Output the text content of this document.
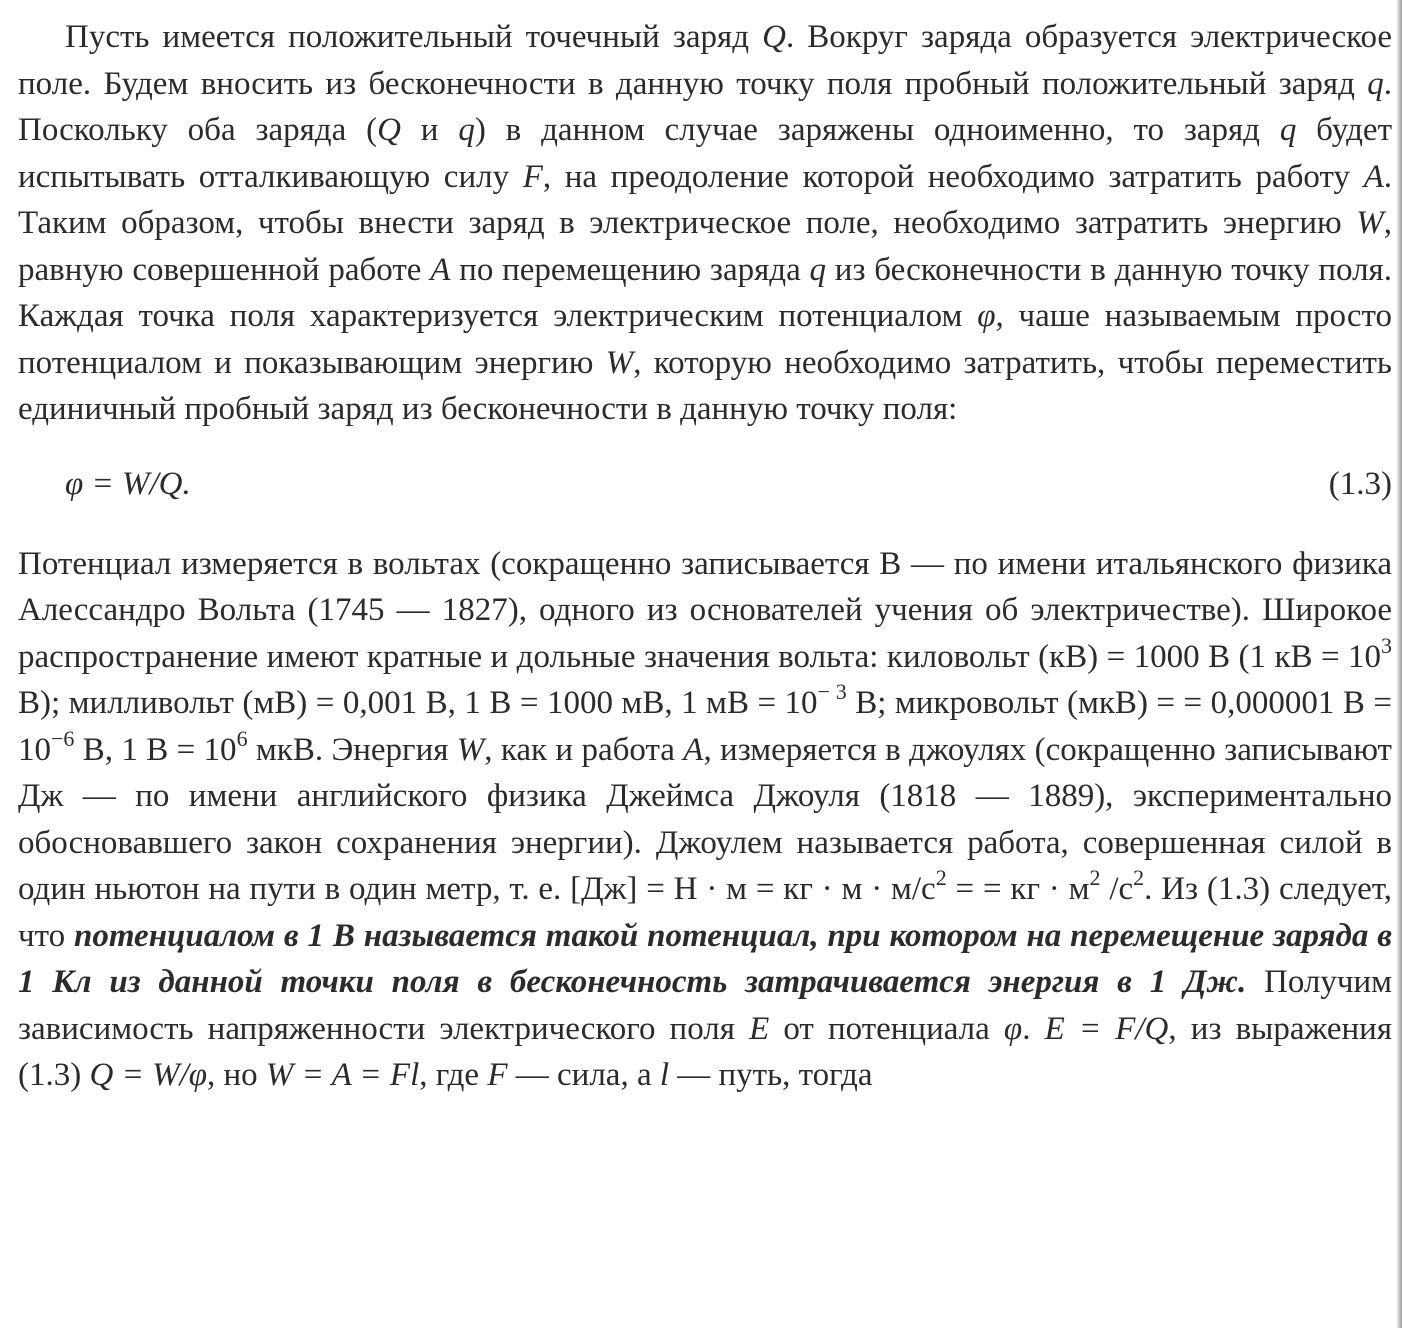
Пусть имеется положительный точечный заряд Q. Вокруг заряда образуется электрическое поле. Будем вносить из бесконечности в данную точку поля пробный положительный заряд q. Поскольку оба заряда (Q и q) в данном случае заряжены одноименно, то заряд q будет испытывать отталкивающую силу F, на преодоление которой необходимо затратить работу A. Таким образом, чтобы внести заряд в электрическое поле, необходимо затратить энергию W, равную совершенной работе A по перемещению заряда q из бесконечности в данную точку поля. Каждая точка поля характеризуется электрическим потенциалом φ, чаше называемым просто потенциалом и показывающим энергию W, которую необходимо затратить, чтобы переместить единичный пробный заряд из бесконечности в данную точку поля:

φ = W/Q.	(1.3)

Потенциал измеряется в вольтах (сокращенно записывается В — по имени итальянского физика Алессандро Вольта (1745 — 1827), одного из основателей учения об электричестве). Широкое распространение имеют кратные и дольные значения вольта: киловольт (кВ) = 1000 В (1 кВ = $10^3$ В); милливольт (мВ) = 0,001 В, 1 В = 1000 мВ, 1 мВ = $10^{- 3}$ В; микровольт (мкВ) = = 0,000001 $В = 10^{-6}$ В, 1 $В = 10^6$ мкВ. Энергия W, как и работа A, измеряется в джоулях (сокращенно записывают Дж — по имени английского физика Джеймса Джоуля (1818 — 1889), экспериментально обосновавшего закон сохранения энергии). Джоулем называется работа, совершенная силой в один ньютон на пути в один метр, т. е. [Дж] = Н · м = кг · $м \cdot м/с^2$ = = кг · $м^2$ $/с^2$. Из (1.3) следует, что потенциалом в 1 В называется такой потенциал, при котором на перемещение заряда в 1 Кл из данной точки поля в бесконечность затрачивается энергия в 1 Дж. Получим зависимость напряженности электрического поля E от потенциала φ. E = F/Q, из выражения (1.3) Q = W/φ, но W = A = Fl, где F — сила, а l — путь, тогда
